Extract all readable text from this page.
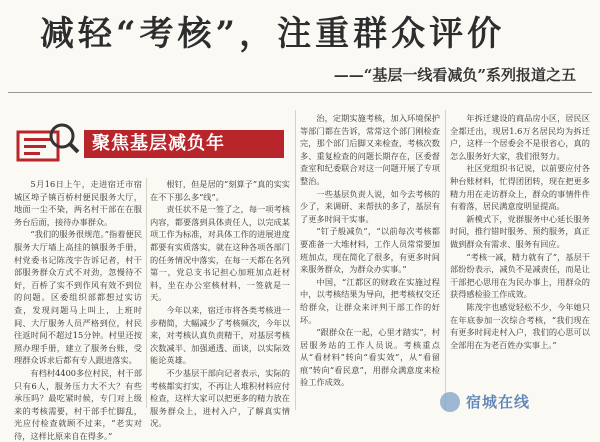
减轻“考核”，注重群众评价
——“基层一线看减负”系列报道之五
聚焦基层减负年

5月16日上午，走进宿迁市宿城区埠子镇百桥村便民服务大厅，地面一尘不染，两名村干部在在服务台后面，接待办事群众。

“我们的服务很规范。”指着便民服务大厅墙上高挂的镇服务手册，村党委书记陈茂宇告诉记者，村干部服务群众方式不对劲，忽慢待不好，百桥了实不到作风有效不到位的问题。区委组织部都想过实访查，发现问题马上叫上，上班时间、大厅服务人员严格到位，村民往返时间不超过15分钟。村里还按照办理手册，建立了服务台账，受理群众诉求后都有专人跟进落实。

有档村4400多位村民，村干部只有6人，服务压力大不大？有些承压吗？最吃紧时候，专门对上级来的考核需要，村干部手忙脚乱，光应付检查就顾不过来，“老实对待，这样比原来自在得多。”

根钉，但是居的“刻算子”真的实实在不下那么多“线”。

责任状不是一签了之，每一项考核内容，都要落到具体责任人，以完成某项工作为标准，对具体工作的进展进度都要有实质落实，就在这种各项各部门的任务情况中落实，在每一天都在名列第一，党总支书记担心加班加点赶材料，坐在办公室核材料，一签就是一天。

今年以来，宿迁市将各类考核进一步精简，大幅减少了考核频次，今年以来，对考核认真负责精干，对基层考核次数减半、加强通透、面谈，以实际效能论英雄。

不少基层干部向记者表示，实际的考核都实打实，不再让人堆积材料应付检查，这样大家可以把更多的精力放在服务群众上，进村入户，了解真实情况。

治，定期实施考核，加入环境保护等部门都在告诉，常常这个部门刚检查完，那个部门后脚又来检查，考核次数多、重复检查的问题长期存在，区委督查室和纪委联合对这一问题开展了专项整治。

一些基层负责人说，如今去考核的少了，来调研、来帮扶的多了，基层有了更多时间干实事。

“钉子般减负”，“以前每次考核都要准备一大堆材料，工作人员常常要加班加点，现在简化了很多，有更多时间来服务群众，为群众办实事。”

中国，“江都区的财政在实施过程中，以考核结果为导向，把考核权交还给群众，让群众来评判干部工作的好坏。

“跟群众在一起，心里才踏实”，村居服务站的工作人员说。考核重点从“看材料”转向“看实效”，从“看留痕”转向“看民意”，用群众满意度来检验工作成效。

年拆迁建设的商品房小区，居民区全都迁出，现居1.6万名居民均为拆迁户，这样一个居委会不是很省心，真的怎么服务好大家，我们很努力。

社区党组织书记说，以前要应付各种台账材料，忙得团团转，现在把更多精力用在走访群众上，群众的事情件件有着落，居民满意度明显提高。

新模式下，党群服务中心延长服务时间，推行错时服务、预约服务，真正做到群众有需求、服务有回应。

“考核一减，精力就有了”，基层干部纷纷表示，减负不是减责任，而是让干部把心思用在为民办事上，用群众的获得感检验工作成效。

陈茂宇也感觉轻松不少，今年她只在年底参加一次综合考核，“我们现在有更多时间走村入户，我们的心思可以全部用在为老百姓办实事上。”

宿城在线
